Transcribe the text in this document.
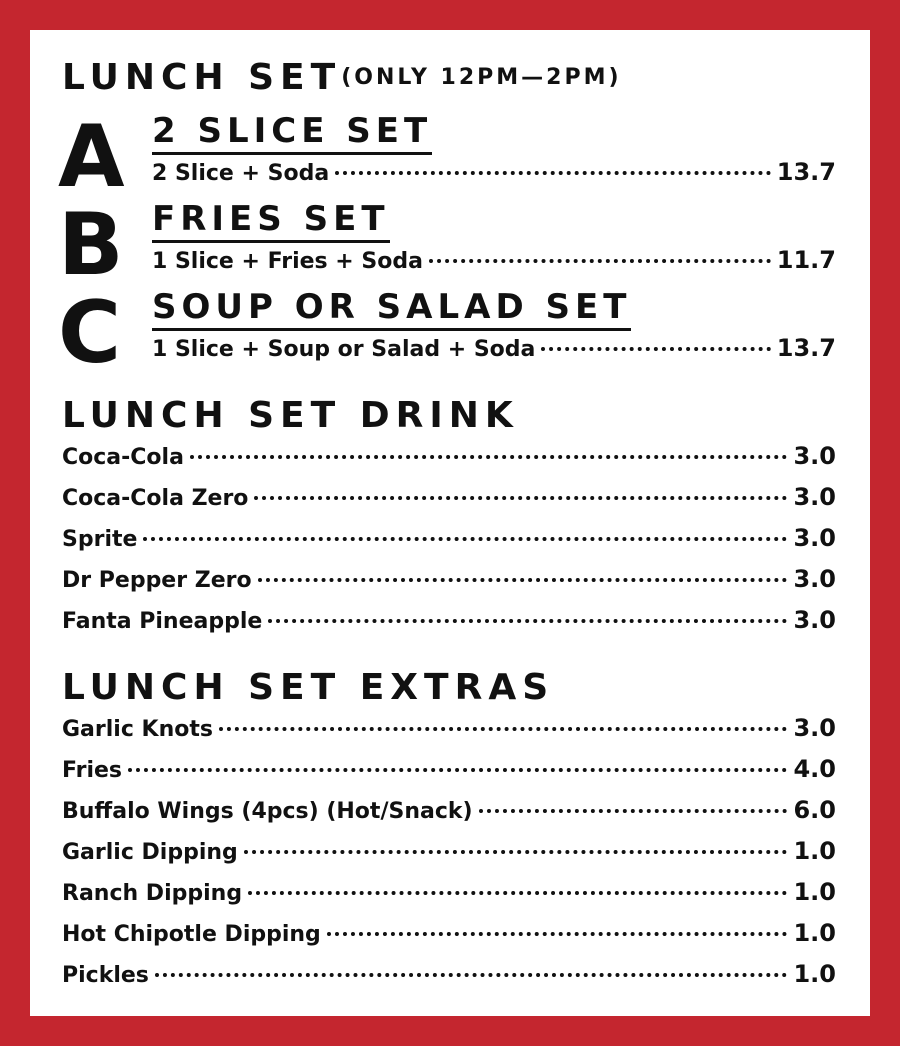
LUNCH $SET^{(ONLY 12PM—2PM)}$
A 2 SLICE SET
2 Slice + Soda	13.7
B FRIES SET
1 Slice + Fries + Soda	11.7
C SOUP OR SALAD SET
1 Slice + Soup or Salad + Soda	13.7
LUNCH SET DRINK
Coca-Cola	3.0
Coca-Cola Zero	3.0
Sprite	3.0
Dr Pepper Zero	3.0
Fanta Pineapple	3.0
LUNCH SET EXTRAS
Garlic Knots	3.0
Fries	4.0
Buffalo Wings (4pcs) (Hot/Snack)	6.0
Garlic Dipping	1.0
Ranch Dipping	1.0
Hot Chipotle Dipping	1.0
Pickles	1.0
